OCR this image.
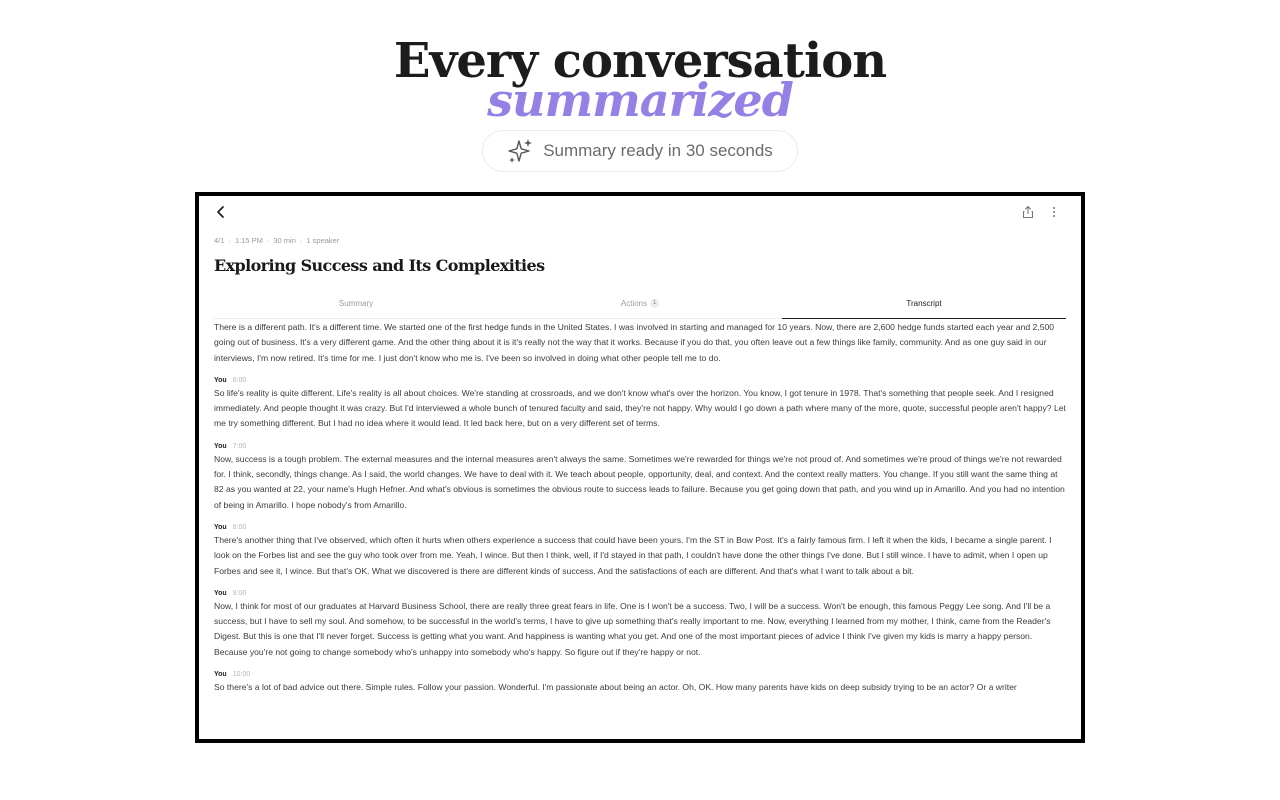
Every conversation
summarized
Summary ready in 30 seconds
4/1 · 1:15 PM · 30 min · 1 speaker
Exploring Success and Its Complexities
Summary	Actions 1	Transcript

There is a different path. It's a different time. We started one of the first hedge funds in the United States. I was involved in starting and managed for 10 years. Now, there are 2,600 hedge funds started each year and 2,500 going out of business. It's a very different game. And the other thing about it is it's really not the way that it works. Because if you do that, you often leave out a few things like family, community. And as one guy said in our interviews, I'm now retired. It's time for me. I just don't know who me is. I've been so involved in doing what other people tell me to do.

You 6:00

So life's reality is quite different. Life's reality is all about choices. We're standing at crossroads, and we don't know what's over the horizon. You know, I got tenure in 1978. That's something that people seek. And I resigned immediately. And people thought it was crazy. But I'd interviewed a whole bunch of tenured faculty and said, they're not happy. Why would I go down a path where many of the more, quote, successful people aren't happy? Let me try something different. But I had no idea where it would lead. It led back here, but on a very different set of terms.

You 7:00

Now, success is a tough problem. The external measures and the internal measures aren't always the same. Sometimes we're rewarded for things we're not proud of. And sometimes we're proud of things we're not rewarded for. I think, secondly, things change. As I said, the world changes. We have to deal with it. We teach about people, opportunity, deal, and context. And the context really matters. You change. If you still want the same thing at 82 as you wanted at 22, your name's Hugh Hefner. And what's obvious is sometimes the obvious route to success leads to failure. Because you get going down that path, and you wind up in Amarillo. And you had no intention of being in Amarillo. I hope nobody's from Amarillo.

You 8:00

There's another thing that I've observed, which often it hurts when others experience a success that could have been yours. I'm the ST in Bow Post. It's a fairly famous firm. I left it when the kids, I became a single parent. I look on the Forbes list and see the guy who took over from me. Yeah, I wince. But then I think, well, if I'd stayed in that path, I couldn't have done the other things I've done. But I still wince. I have to admit, when I open up Forbes and see it, I wince. But that's OK. What we discovered is there are different kinds of success. And the satisfactions of each are different. And that's what I want to talk about a bit.

You 9:00

Now, I think for most of our graduates at Harvard Business School, there are really three great fears in life. One is I won't be a success. Two, I will be a success. Won't be enough, this famous Peggy Lee song. And I'll be a success, but I have to sell my soul. And somehow, to be successful in the world's terms, I have to give up something that's really important to me. Now, everything I learned from my mother, I think, came from the Reader's Digest. But this is one that I'll never forget. Success is getting what you want. And happiness is wanting what you get. And one of the most important pieces of advice I think I've given my kids is marry a happy person. Because you're not going to change somebody who's unhappy into somebody who's happy. So figure out if they're happy or not.

You 10:00

So there's a lot of bad advice out there. Simple rules. Follow your passion. Wonderful. I'm passionate about being an actor. Oh, OK. How many parents have kids on deep subsidy trying to be an actor? Or a writer
